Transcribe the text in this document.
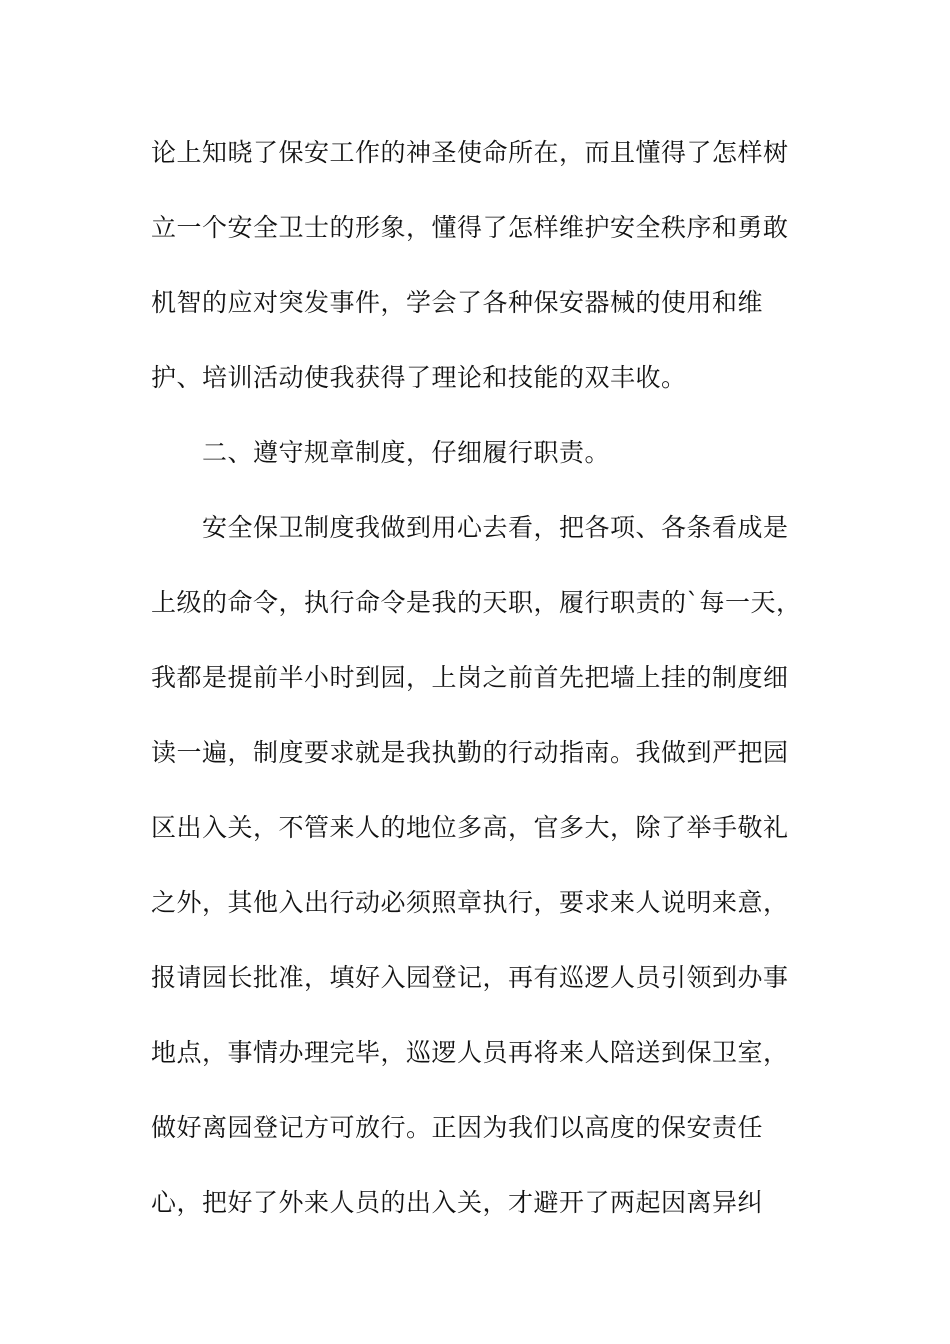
论上知晓了保安工作的神圣使命所在，而且懂得了怎样树
立一个安全卫士的形象，懂得了怎样维护安全秩序和勇敢
机智的应对突发事件，学会了各种保安器械的使用和维
护、培训活动使我获得了理论和技能的双丰收。
二、遵守规章制度，仔细履行职责。
安全保卫制度我做到用心去看，把各项、各条看成是
上级的命令，执行命令是我的天职，履行职责的`每一天，
我都是提前半小时到园，上岗之前首先把墙上挂的制度细
读一遍，制度要求就是我执勤的行动指南。我做到严把园
区出入关，不管来人的地位多高，官多大，除了举手敬礼
之外，其他入出行动必须照章执行，要求来人说明来意，
报请园长批准，填好入园登记，再有巡逻人员引领到办事
地点，事情办理完毕，巡逻人员再将来人陪送到保卫室，
做好离园登记方可放行。正因为我们以高度的保安责任
心，把好了外来人员的出入关，才避开了两起因离异纠
